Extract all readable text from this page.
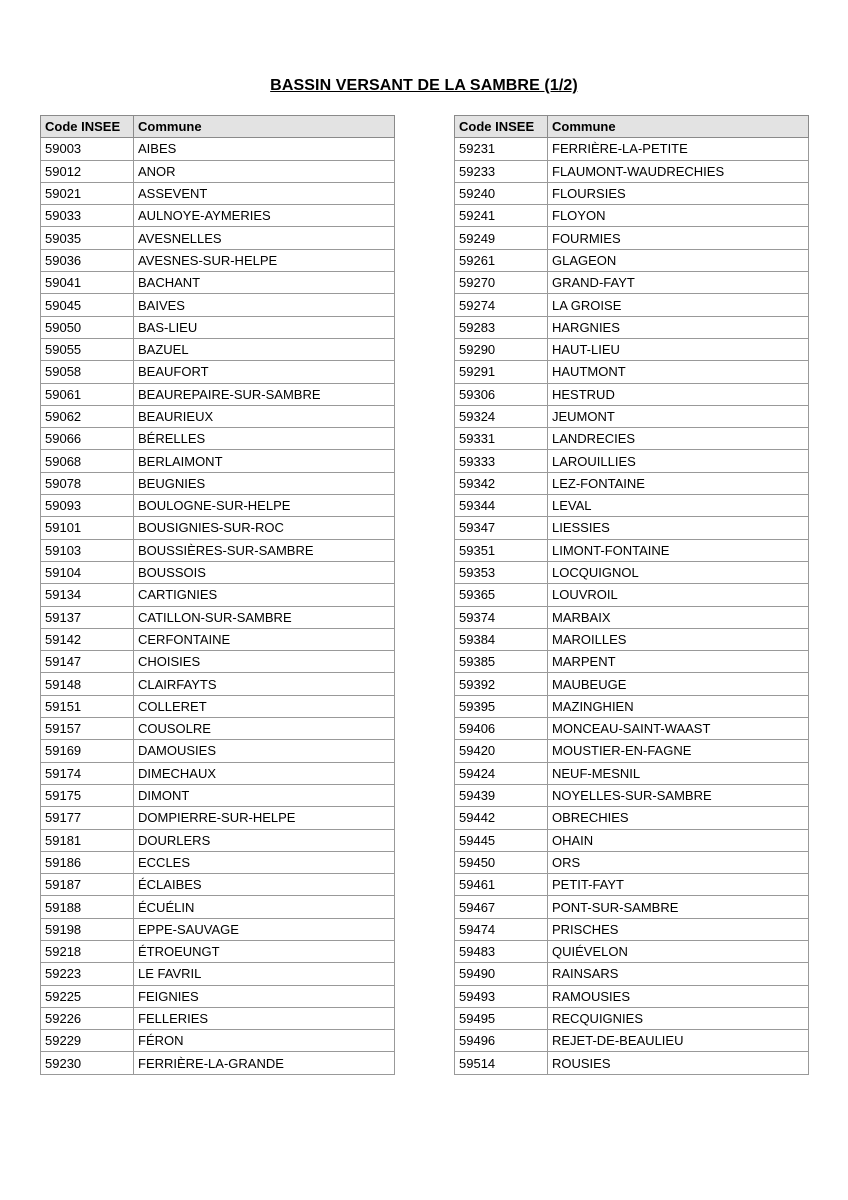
BASSIN VERSANT DE LA SAMBRE (1/2)
Code INSEE	Commune
59003	AIBES
59012	ANOR
59021	ASSEVENT
59033	AULNOYE-AYMERIES
59035	AVESNELLES
59036	AVESNES-SUR-HELPE
59041	BACHANT
59045	BAIVES
59050	BAS-LIEU
59055	BAZUEL
59058	BEAUFORT
59061	BEAUREPAIRE-SUR-SAMBRE
59062	BEAURIEUX
59066	BÉRELLES
59068	BERLAIMONT
59078	BEUGNIES
59093	BOULOGNE-SUR-HELPE
59101	BOUSIGNIES-SUR-ROC
59103	BOUSSIÈRES-SUR-SAMBRE
59104	BOUSSOIS
59134	CARTIGNIES
59137	CATILLON-SUR-SAMBRE
59142	CERFONTAINE
59147	CHOISIES
59148	CLAIRFAYTS
59151	COLLERET
59157	COUSOLRE
59169	DAMOUSIES
59174	DIMECHAUX
59175	DIMONT
59177	DOMPIERRE-SUR-HELPE
59181	DOURLERS
59186	ECCLES
59187	ÉCLAIBES
59188	ÉCUÉLIN
59198	EPPE-SAUVAGE
59218	ÉTROEUNGT
59223	LE FAVRIL
59225	FEIGNIES
59226	FELLERIES
59229	FÉRON
59230	FERRIÈRE-LA-GRANDE
Code INSEE	Commune
59231	FERRIÈRE-LA-PETITE
59233	FLAUMONT-WAUDRECHIES
59240	FLOURSIES
59241	FLOYON
59249	FOURMIES
59261	GLAGEON
59270	GRAND-FAYT
59274	LA GROISE
59283	HARGNIES
59290	HAUT-LIEU
59291	HAUTMONT
59306	HESTRUD
59324	JEUMONT
59331	LANDRECIES
59333	LAROUILLIES
59342	LEZ-FONTAINE
59344	LEVAL
59347	LIESSIES
59351	LIMONT-FONTAINE
59353	LOCQUIGNOL
59365	LOUVROIL
59374	MARBAIX
59384	MAROILLES
59385	MARPENT
59392	MAUBEUGE
59395	MAZINGHIEN
59406	MONCEAU-SAINT-WAAST
59420	MOUSTIER-EN-FAGNE
59424	NEUF-MESNIL
59439	NOYELLES-SUR-SAMBRE
59442	OBRECHIES
59445	OHAIN
59450	ORS
59461	PETIT-FAYT
59467	PONT-SUR-SAMBRE
59474	PRISCHES
59483	QUIÉVELON
59490	RAINSARS
59493	RAMOUSIES
59495	RECQUIGNIES
59496	REJET-DE-BEAULIEU
59514	ROUSIES
